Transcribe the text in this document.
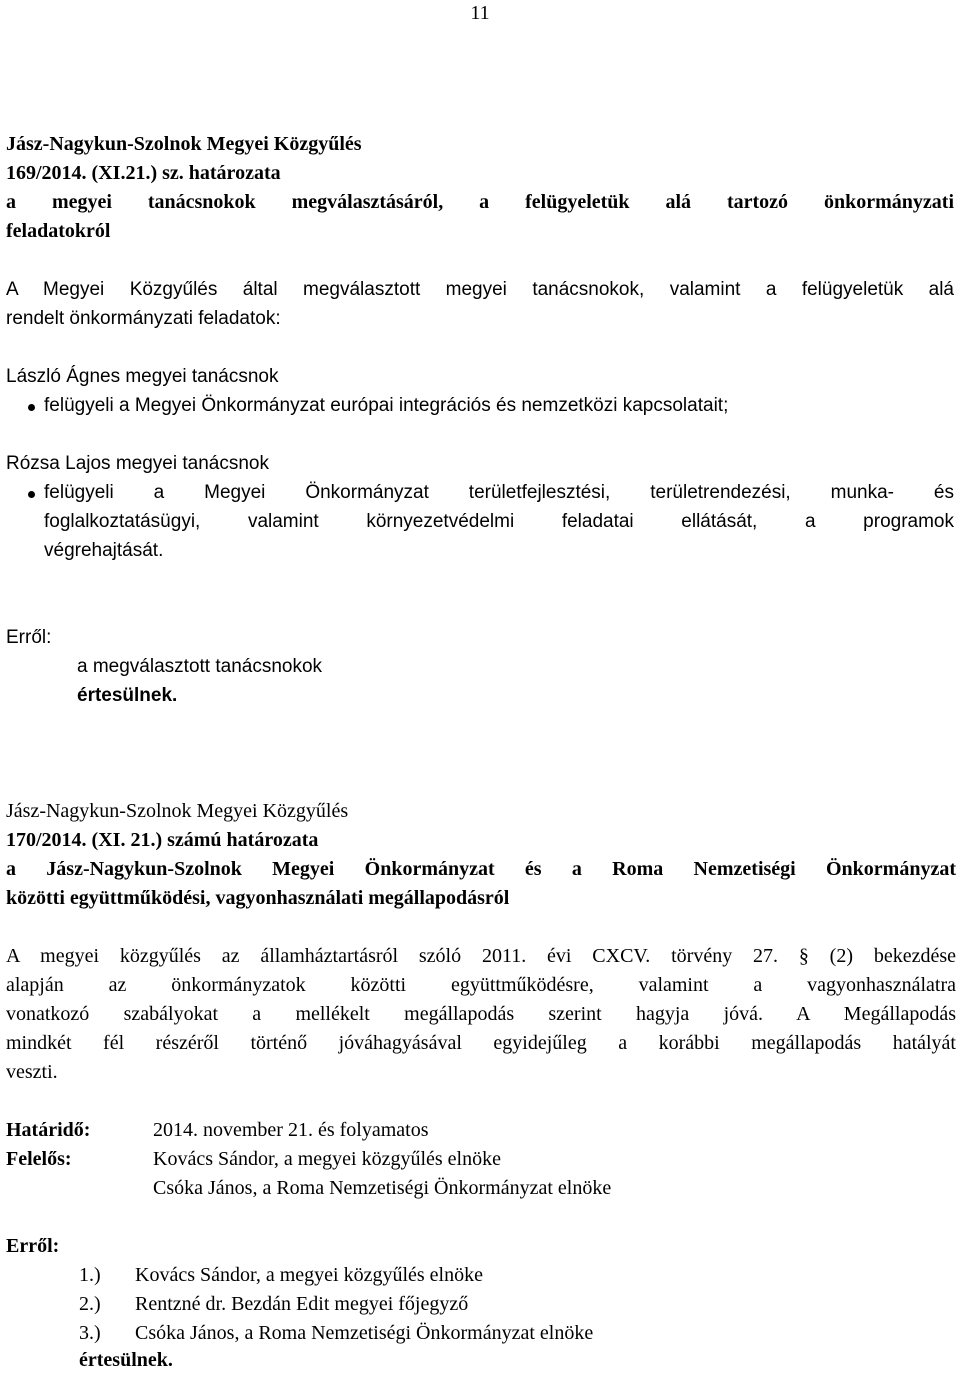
11
Jász-Nagykun-Szolnok Megyei Közgyűlés
169/2014. (XI.21.) sz. határozata
a megyei tanácsnokok megválasztásáról, a felügyeletük alá tartozó önkormányzati
feladatokról
A Megyei Közgyűlés által megválasztott megyei tanácsnokok, valamint a felügyeletük alá
rendelt önkormányzati feladatok:
László Ágnes megyei tanácsnok
felügyeli a Megyei Önkormányzat európai integrációs és nemzetközi kapcsolatait;
Rózsa Lajos megyei tanácsnok
felügyeli a Megyei Önkormányzat területfejlesztési, területrendezési, munka- és
foglalkoztatásügyi, valamint környezetvédelmi feladatai ellátását, a programok
végrehajtását.
Erről:
a megválasztott tanácsnokok
értesülnek.
Jász-Nagykun-Szolnok Megyei Közgyűlés
170/2014. (XI. 21.) számú határozata
a Jász-Nagykun-Szolnok Megyei Önkormányzat és a Roma Nemzetiségi Önkormányzat
közötti együttműködési, vagyonhasználati megállapodásról
A megyei közgyűlés az államháztartásról szóló 2011. évi CXCV. törvény 27. § (2) bekezdése
alapján az önkormányzatok közötti együttműködésre, valamint a vagyonhasználatra
vonatkozó szabályokat a mellékelt megállapodás szerint hagyja jóvá. A Megállapodás
mindkét fél részéről történő jóváhagyásával egyidejűleg a korábbi megállapodás hatályát
veszti.
Határidő:	2014. november 21. és folyamatos
Felelős:	Kovács Sándor, a megyei közgyűlés elnöke
Csóka János, a Roma Nemzetiségi Önkormányzat elnöke
Erről:
1.) Kovács Sándor, a megyei közgyűlés elnöke
2.) Rentzné dr. Bezdán Edit megyei főjegyző
3.) Csóka János, a Roma Nemzetiségi Önkormányzat elnöke
értesülnek.
